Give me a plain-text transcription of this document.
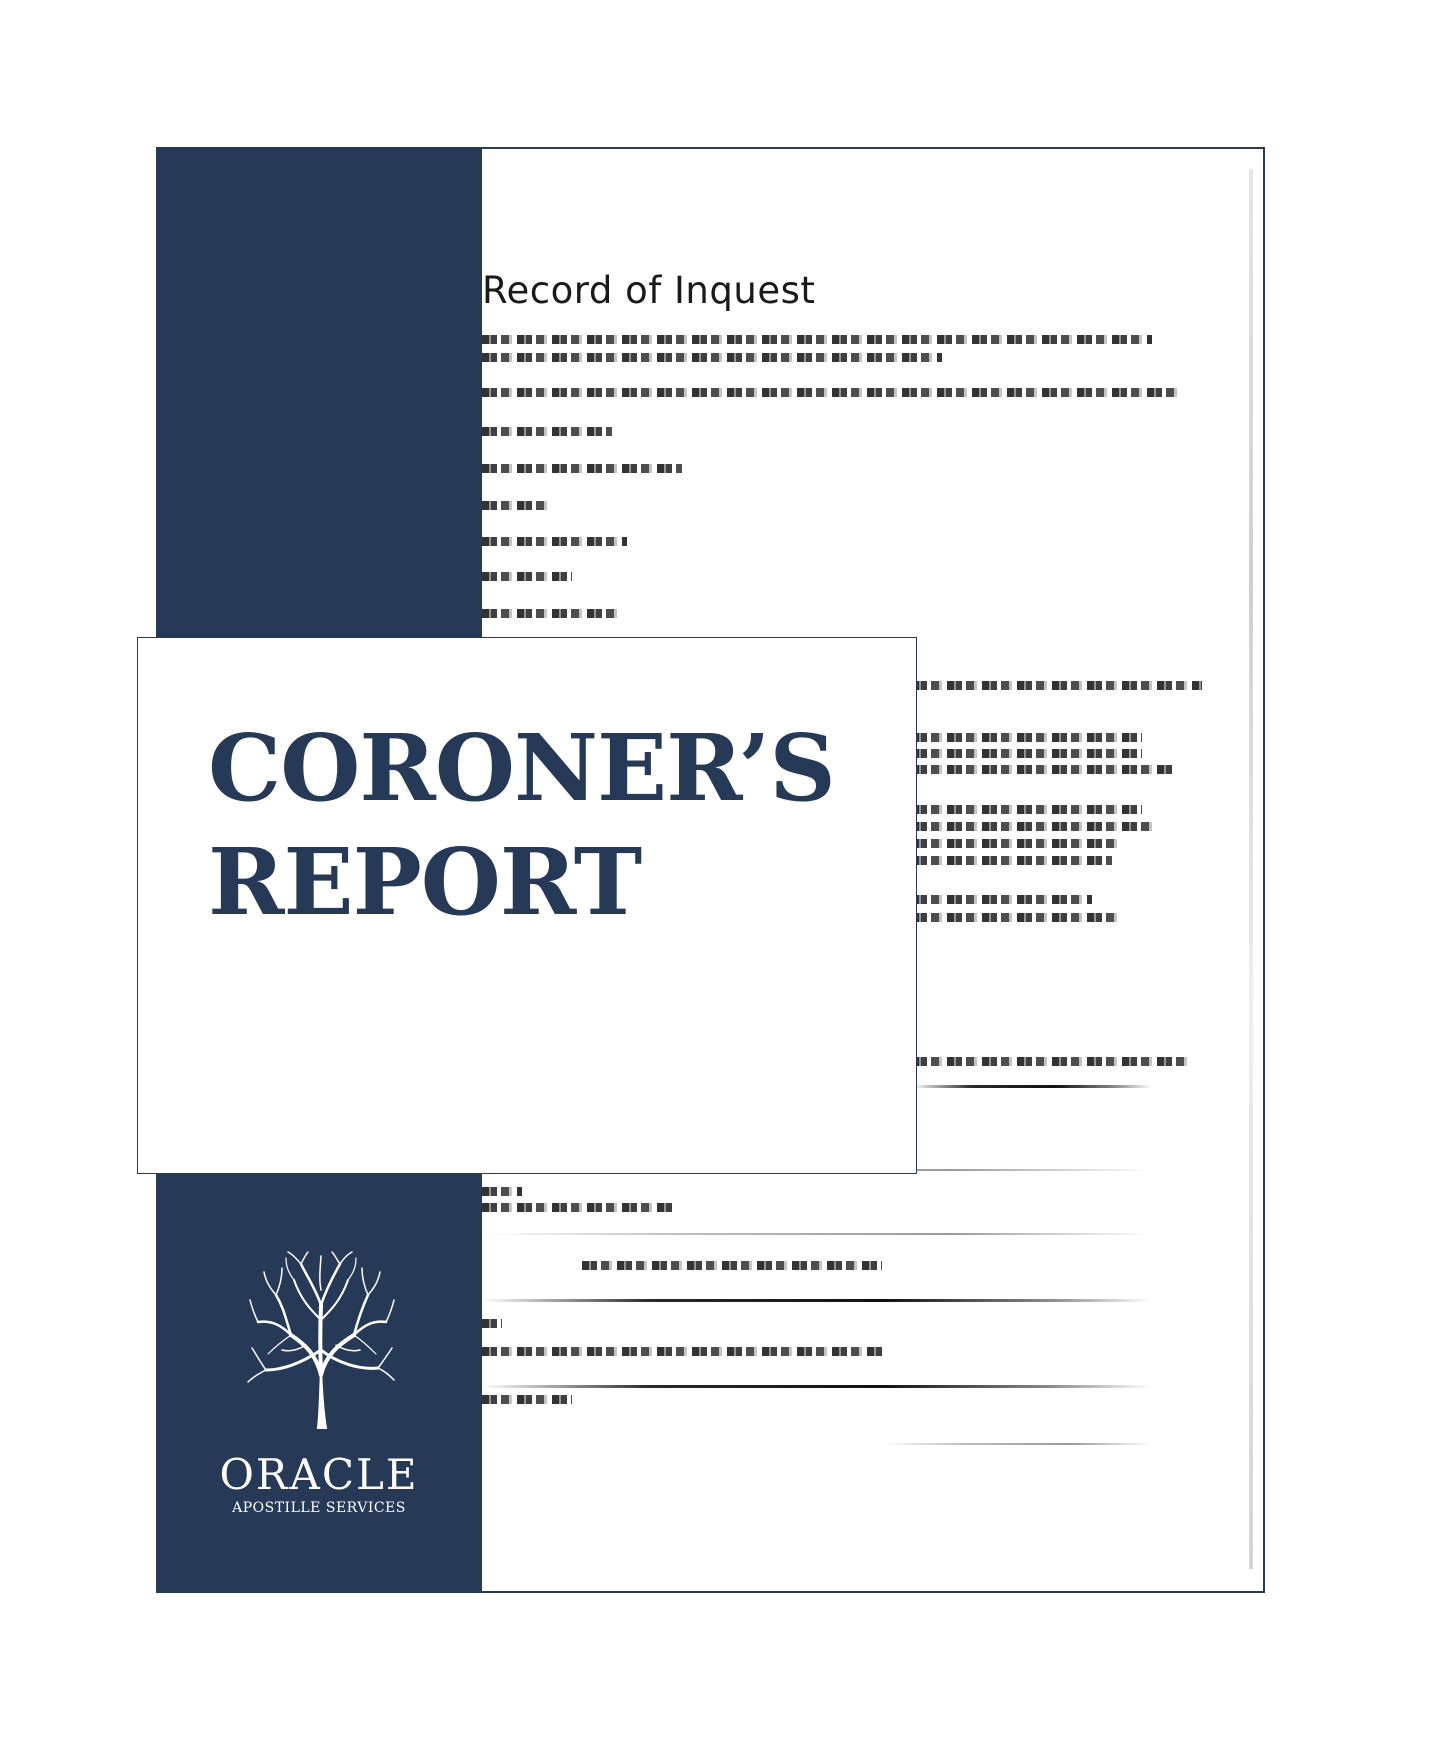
Record of Inquest
CORONER’S
REPORT
ORACLE
APOSTILLE SERVICES
